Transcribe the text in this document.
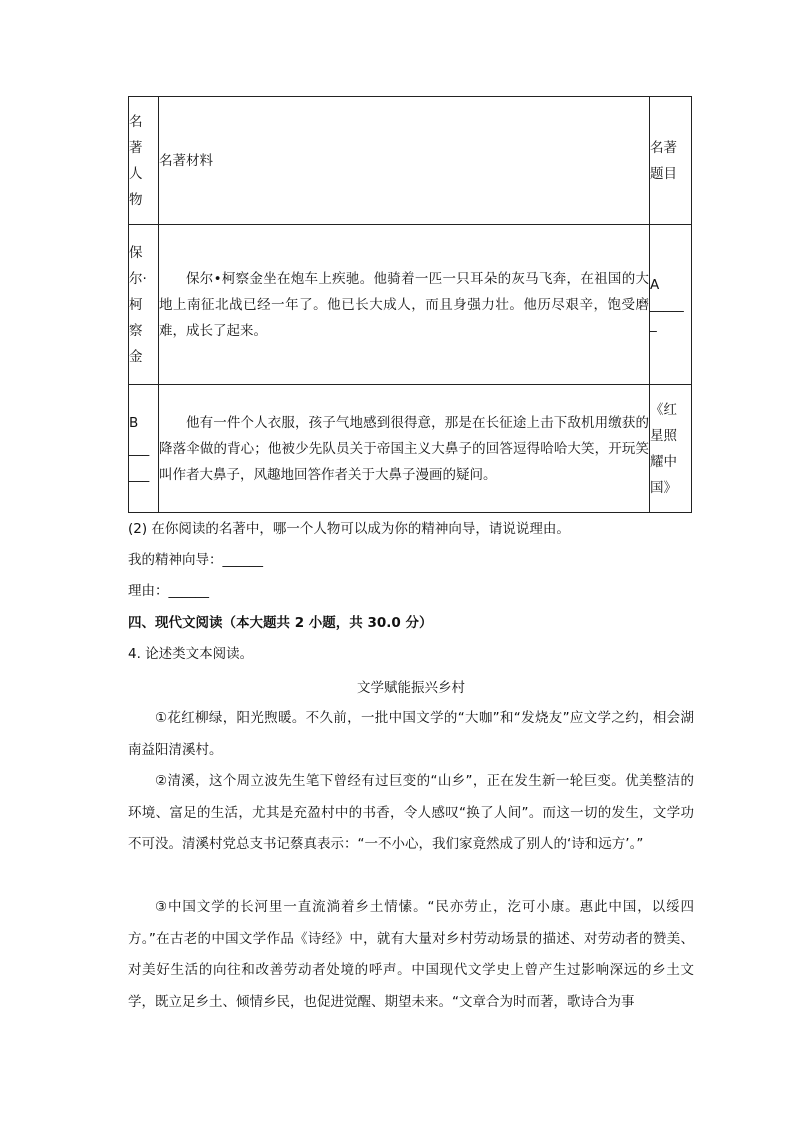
名
著
人
物	名著材料	名著
题目

保
尔·
柯
察
金	保尔•柯察金坐在炮车上疾驰。他骑着一匹一只耳朵的灰马飞奔，在祖国的大地上南征北战已经一年了。他已长大成人，而且身强力壮。他历尽艰辛，饱受磨难，成长了起来。	A
_____
_

B
___
___	他有一件个人衣服，孩子气地感到很得意，那是在长征途上击下敌机用缴获的降落伞做的背心；他被少先队员关于帝国主义大鼻子的回答逗得哈哈大笑，开玩笑叫作者大鼻子，风趣地回答作者关于大鼻子漫画的疑问。	《红
星照
耀中
国》
(2) 在你阅读的名著中，哪一个人物可以成为你的精神向导，请说说理由。
我的精神向导：______
理由：______
四、现代文阅读（本大题共 2 小题，共 30.0 分）
4. 论述类文本阅读。
文学赋能振兴乡村
①花红柳绿，阳光煦暖。不久前，一批中国文学的“大咖”和“发烧友”应文学之约，相会湖南益阳清溪村。
②清溪，这个周立波先生笔下曾经有过巨变的“山乡”，正在发生新一轮巨变。优美整洁的环境、富足的生活，尤其是充盈村中的书香，令人感叹“换了人间”。而这一切的发生，文学功不可没。清溪村党总支书记蔡真表示：“一不小心，我们家竟然成了别人的‘诗和远方’。”
③中国文学的长河里一直流淌着乡土情愫。“民亦劳止，汔可小康。惠此中国，以绥四方。”在古老的中国文学作品《诗经》中，就有大量对乡村劳动场景的描述、对劳动者的赞美、对美好生活的向往和改善劳动者处境的呼声。中国现代文学史上曾产生过影响深远的乡土文学，既立足乡土、倾情乡民，也促进觉醒、期望未来。“文章合为时而著，歌诗合为事
